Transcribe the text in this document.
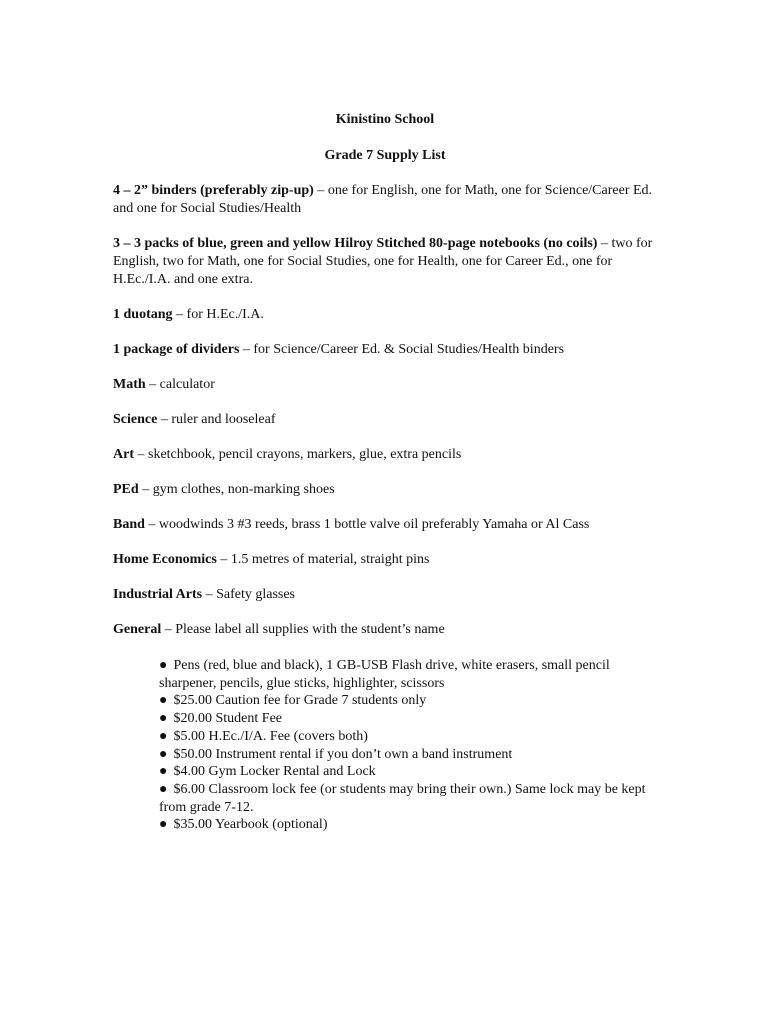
Kinistino School
Grade 7 Supply List

4 – 2” binders (preferably zip-up) – one for English, one for Math, one for Science/Career Ed. and one for Social Studies/Health

3 – 3 packs of blue, green and yellow Hilroy Stitched 80-page notebooks (no coils) – two for English, two for Math, one for Social Studies, one for Health, one for Career Ed., one for H.Ec./I.A. and one extra.

1 duotang – for H.Ec./I.A.

1 package of dividers – for Science/Career Ed. & Social Studies/Health binders

Math – calculator

Science – ruler and looseleaf

Art – sketchbook, pencil crayons, markers, glue, extra pencils

PEd – gym clothes, non-marking shoes

Band – woodwinds 3 #3 reeds, brass 1 bottle valve oil preferably Yamaha or Al Cass

Home Economics – 1.5 metres of material, straight pins

Industrial Arts – Safety glasses

General – Please label all supplies with the student’s name

● Pens (red, blue and black), 1 GB-USB Flash drive, white erasers, small pencil sharpener, pencils, glue sticks, highlighter, scissors
● $25.00 Caution fee for Grade 7 students only
● $20.00 Student Fee
● $5.00 H.Ec./I/A. Fee (covers both)
● $50.00 Instrument rental if you don’t own a band instrument
● $4.00 Gym Locker Rental and Lock
● $6.00 Classroom lock fee (or students may bring their own.) Same lock may be kept from grade 7-12.
● $35.00 Yearbook (optional)
